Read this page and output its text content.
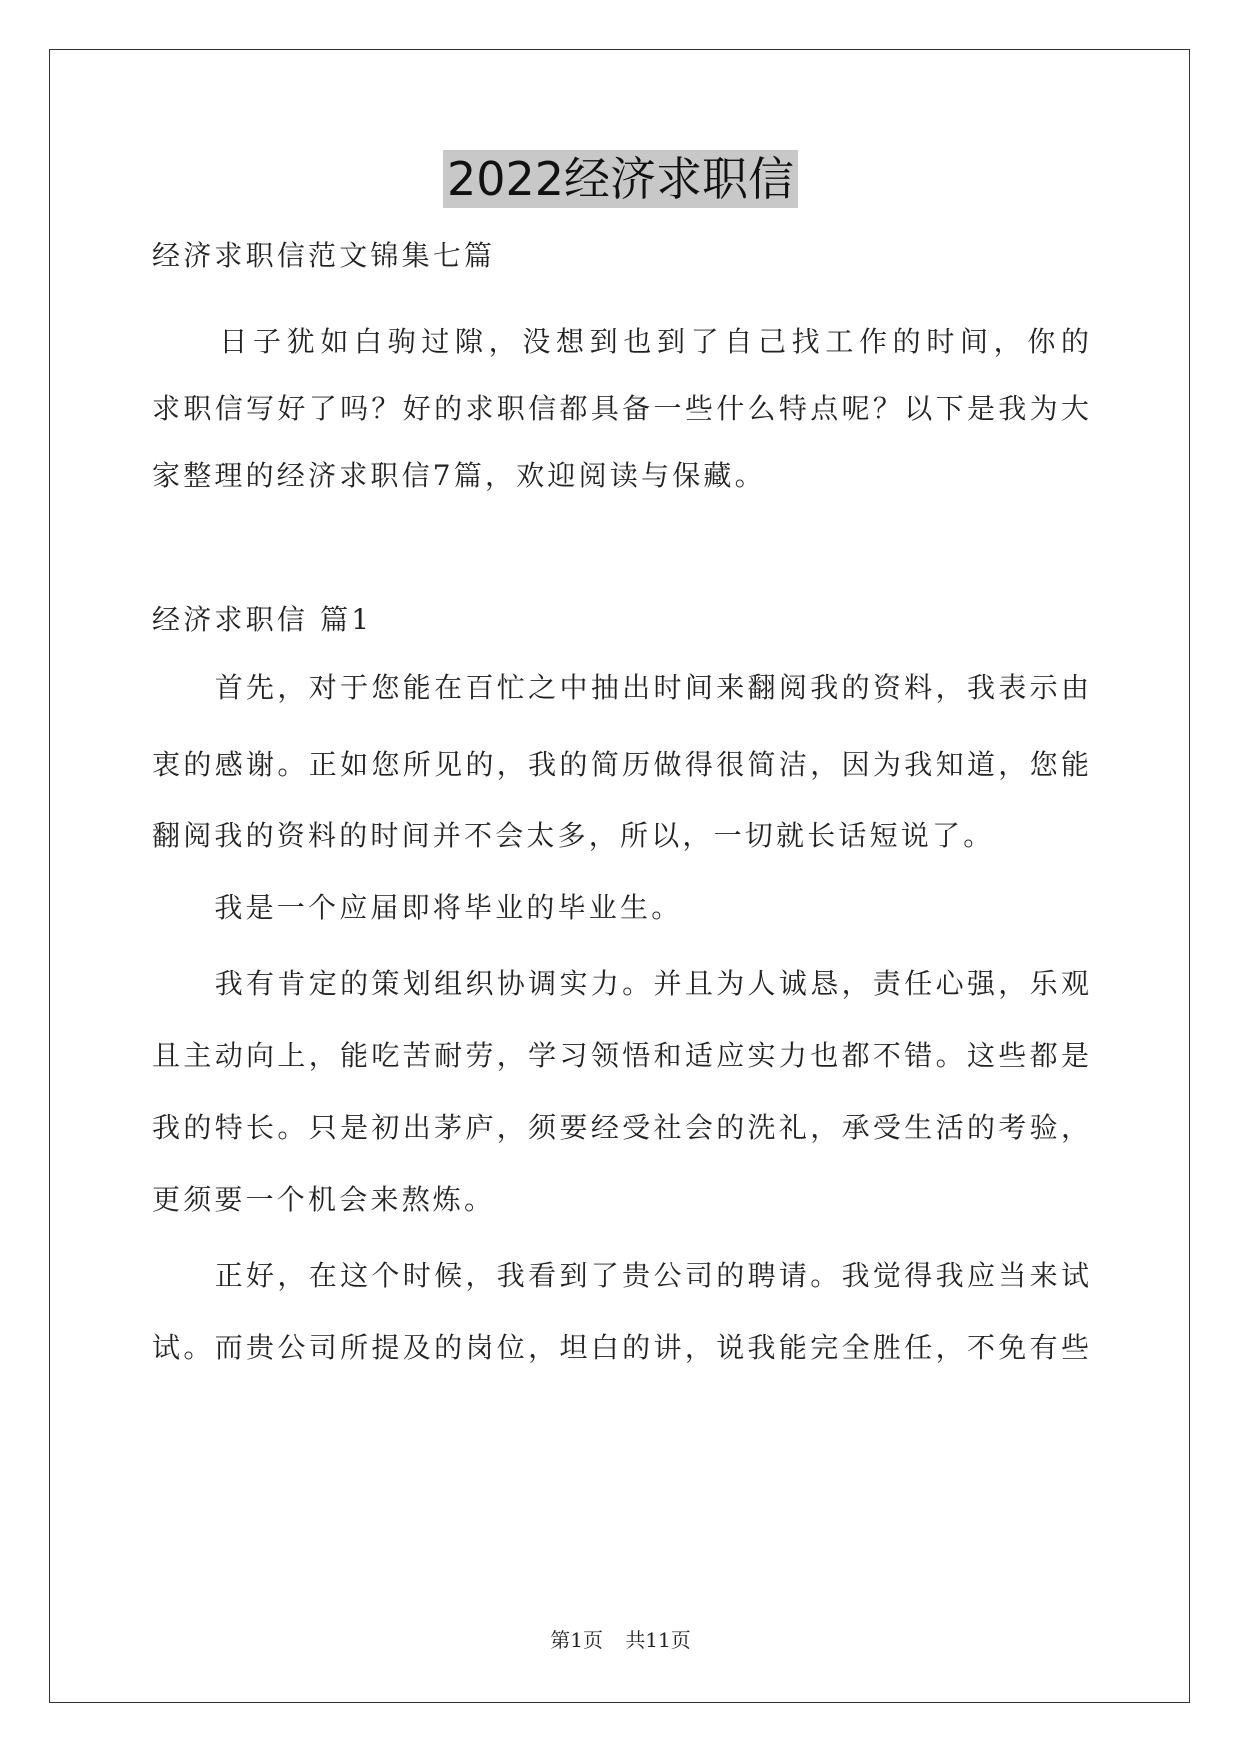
2022经济求职信
经济求职信范文锦集七篇
　　日子犹如白驹过隙，没想到也到了自己找工作的时间，你的
求职信写好了吗？好的求职信都具备一些什么特点呢？以下是我为大
家整理的经济求职信7篇，欢迎阅读与保藏。
经济求职信 篇1
　　首先，对于您能在百忙之中抽出时间来翻阅我的资料，我表示由
衷的感谢。正如您所见的，我的简历做得很简洁，因为我知道，您能
翻阅我的资料的时间并不会太多，所以，一切就长话短说了。
　　我是一个应届即将毕业的毕业生。
　　我有肯定的策划组织协调实力。并且为人诚恳，责任心强，乐观
且主动向上，能吃苦耐劳，学习领悟和适应实力也都不错。这些都是
我的特长。只是初出茅庐，须要经受社会的洗礼，承受生活的考验，
更须要一个机会来熬炼。
　　正好，在这个时候，我看到了贵公司的聘请。我觉得我应当来试
试。而贵公司所提及的岗位，坦白的讲，说我能完全胜任，不免有些
第1页 共11页
